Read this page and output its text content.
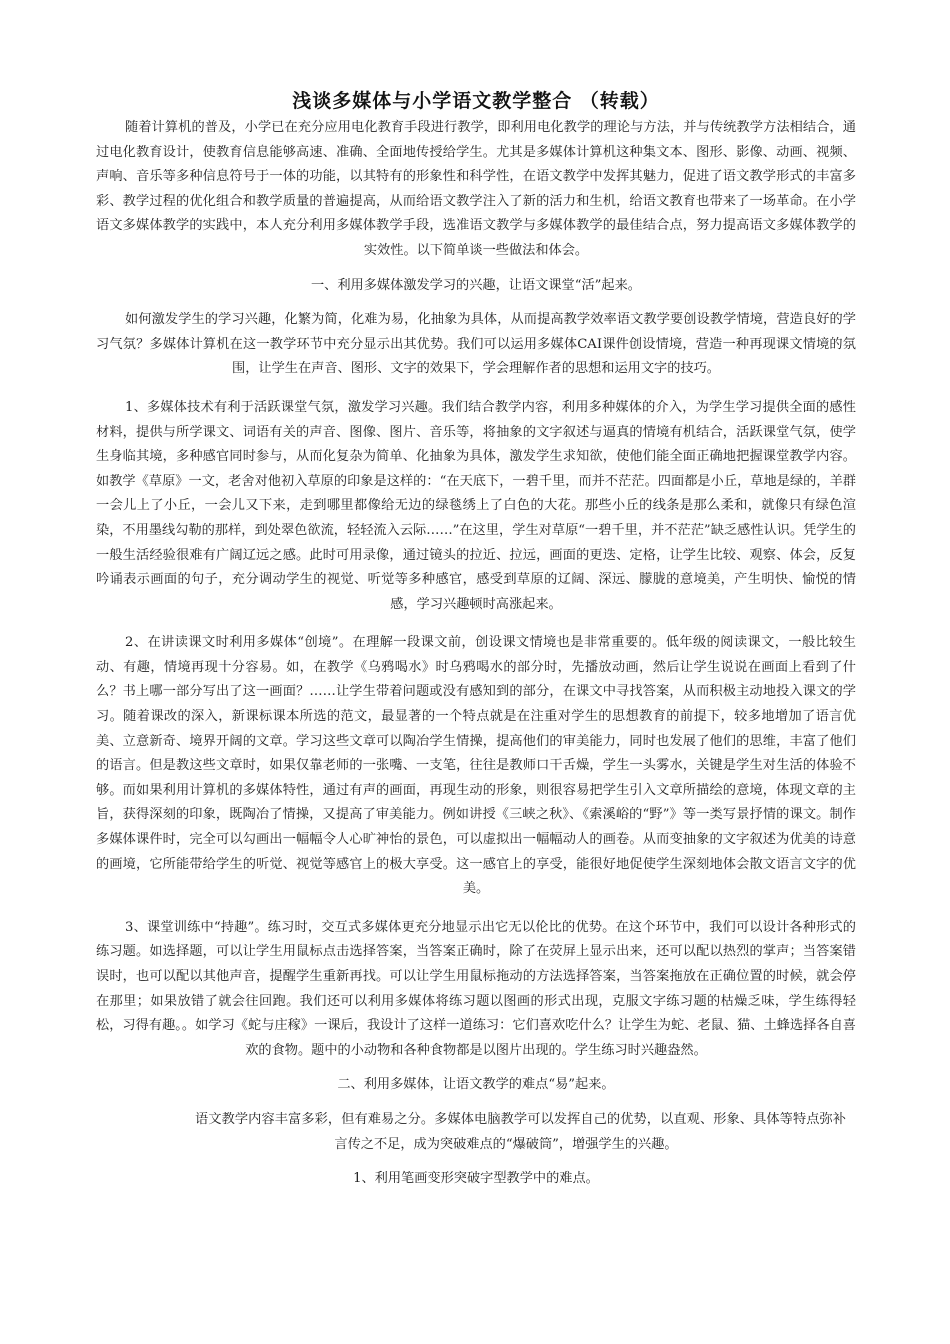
浅谈多媒体与小学语文教学整合 （转载）

随着计算机的普及，小学已在充分应用电化教育手段进行教学，即利用电化教学的理论与方法，并与传统教学方法相结合，通过电化教育设计，使教育信息能够高速、准确、全面地传授给学生。尤其是多媒体计算机这种集文本、图形、影像、动画、视频、声响、音乐等多种信息符号于一体的功能，以其特有的形象性和科学性，在语文教学中发挥其魅力，促进了语文教学形式的丰富多彩、教学过程的优化组合和教学质量的普遍提高，从而给语文教学注入了新的活力和生机，给语文教育也带来了一场革命。在小学语文多媒体教学的实践中，本人充分利用多媒体教学手段，选准语文教学与多媒体教学的最佳结合点，努力提高语文多媒体教学的实效性。以下简单谈一些做法和体会。

一、利用多媒体激发学习的兴趣，让语文课堂“活”起来。

如何激发学生的学习兴趣，化繁为简，化难为易，化抽象为具体，从而提高教学效率语文教学要创设教学情境，营造良好的学习气氛？多媒体计算机在这一教学环节中充分显示出其优势。我们可以运用多媒体CAI课件创设情境，营造一种再现课文情境的氛围，让学生在声音、图形、文字的效果下，学会理解作者的思想和运用文字的技巧。

1、多媒体技术有利于活跃课堂气氛，激发学习兴趣。我们结合教学内容，利用多种媒体的介入，为学生学习提供全面的感性材料，提供与所学课文、词语有关的声音、图像、图片、音乐等，将抽象的文字叙述与逼真的情境有机结合，活跃课堂气氛，使学生身临其境，多种感官同时参与，从而化复杂为简单、化抽象为具体，激发学生求知欲，使他们能全面正确地把握课堂教学内容。如教学《草原》一文，老舍对他初入草原的印象是这样的：“在天底下，一碧千里，而并不茫茫。四面都是小丘，草地是绿的，羊群一会儿上了小丘，一会儿又下来，走到哪里都像给无边的绿毯绣上了白色的大花。那些小丘的线条是那么柔和，就像只有绿色渲染，不用墨线勾勒的那样，到处翠色欲流，轻轻流入云际……”在这里，学生对草原“一碧千里，并不茫茫”缺乏感性认识。凭学生的一般生活经验很难有广阔辽远之感。此时可用录像，通过镜头的拉近、拉远，画面的更迭、定格，让学生比较、观察、体会，反复吟诵表示画面的句子，充分调动学生的视觉、听觉等多种感官，感受到草原的辽阔、深远、朦胧的意境美，产生明快、愉悦的情感，学习兴趣顿时高涨起来。

2、在讲读课文时利用多媒体“创境”。在理解一段课文前，创设课文情境也是非常重要的。低年级的阅读课文，一般比较生动、有趣，情境再现十分容易。如，在教学《乌鸦喝水》时乌鸦喝水的部分时，先播放动画，然后让学生说说在画面上看到了什么？书上哪一部分写出了这一画面？……让学生带着问题或没有感知到的部分，在课文中寻找答案，从而积极主动地投入课文的学习。随着课改的深入，新课标课本所选的范文，最显著的一个特点就是在注重对学生的思想教育的前提下，较多地增加了语言优美、立意新奇、境界开阔的文章。学习这些文章可以陶冶学生情操，提高他们的审美能力，同时也发展了他们的思维，丰富了他们的语言。但是教这些文章时，如果仅靠老师的一张嘴、一支笔，往往是教师口干舌燥，学生一头雾水，关键是学生对生活的体验不够。而如果利用计算机的多媒体特性，通过有声的画面，再现生动的形象，则很容易把学生引入文章所描绘的意境，体现文章的主旨，获得深刻的印象，既陶冶了情操，又提高了审美能力。例如讲授《三峡之秋》、《索溪峪的“野”》等一类写景抒情的课文。制作多媒体课件时，完全可以勾画出一幅幅令人心旷神怡的景色，可以虚拟出一幅幅动人的画卷。从而变抽象的文字叙述为优美的诗意的画境，它所能带给学生的听觉、视觉等感官上的极大享受。这一感官上的享受，能很好地促使学生深刻地体会散文语言文字的优美。

3、课堂训练中“持趣”。练习时，交互式多媒体更充分地显示出它无以伦比的优势。在这个环节中，我们可以设计各种形式的练习题。如选择题，可以让学生用鼠标点击选择答案，当答案正确时，除了在荧屏上显示出来，还可以配以热烈的掌声；当答案错误时，也可以配以其他声音，提醒学生重新再找。可以让学生用鼠标拖动的方法选择答案，当答案拖放在正确位置的时候，就会停在那里；如果放错了就会往回跑。我们还可以利用多媒体将练习题以图画的形式出现，克服文字练习题的枯燥乏味，学生练得轻松，习得有趣。。如学习《蛇与庄稼》一课后，我设计了这样一道练习：它们喜欢吃什么？让学生为蛇、老鼠、猫、土蜂选择各自喜欢的食物。题中的小动物和各种食物都是以图片出现的。学生练习时兴趣盎然。

二、利用多媒体，让语文教学的难点“易”起来。

语文教学内容丰富多彩，但有难易之分。多媒体电脑教学可以发挥自己的优势，以直观、形象、具体等特点弥补言传之不足，成为突破难点的“爆破筒”，增强学生的兴趣。

1、利用笔画变形突破字型教学中的难点。
